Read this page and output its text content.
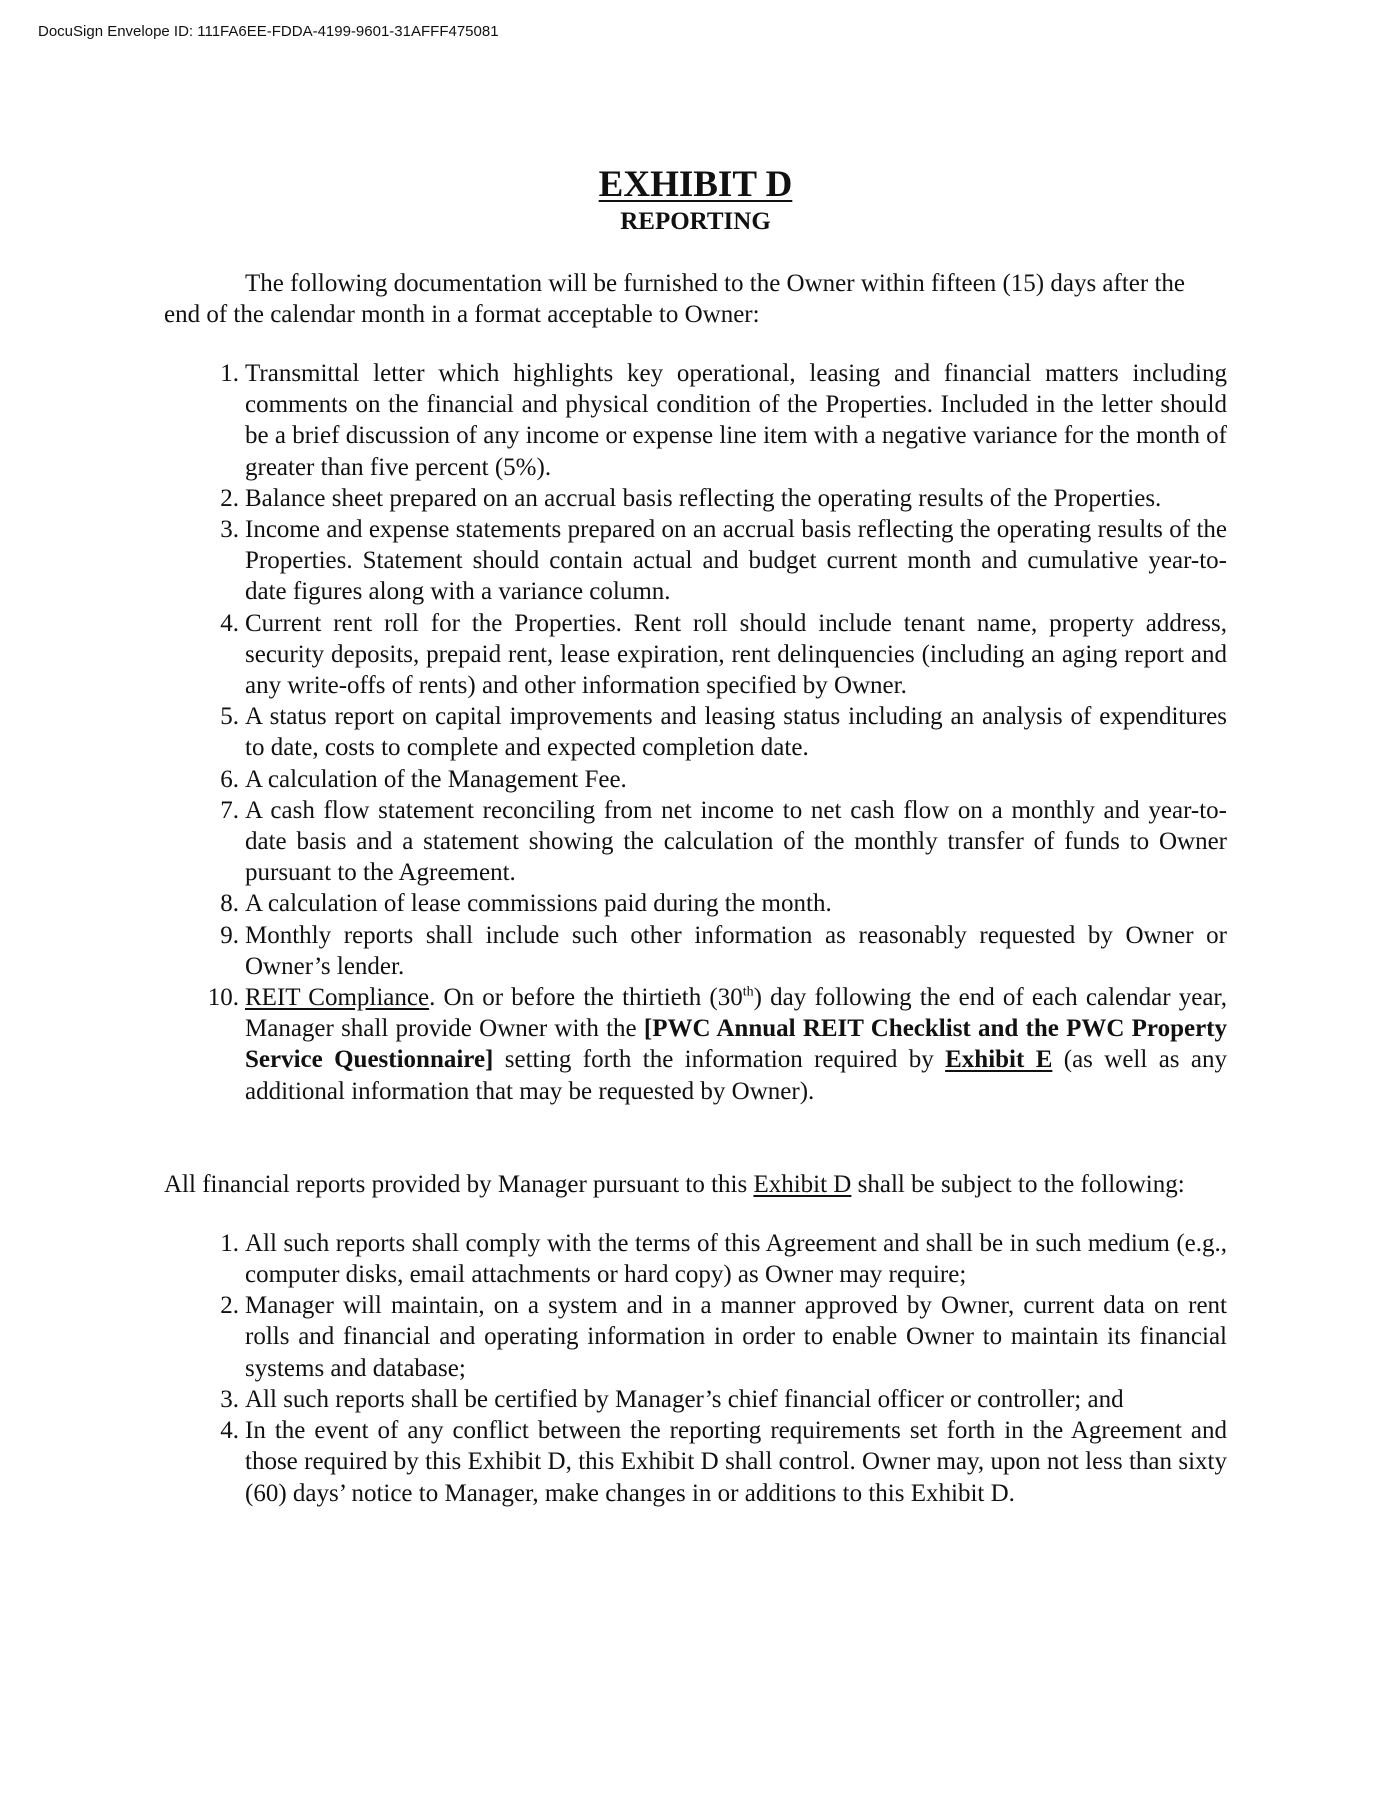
DocuSign Envelope ID: 111FA6EE-FDDA-4199-9601-31AFFF475081
EXHIBIT D
REPORTING

The following documentation will be furnished to the Owner within fifteen (15) days after the end of the calendar month in a format acceptable to Owner:

1. Transmittal letter which highlights key operational, leasing and financial matters including comments on the financial and physical condition of the Properties. Included in the letter should be a brief discussion of any income or expense line item with a negative variance for the month of greater than five percent (5%).
2. Balance sheet prepared on an accrual basis reflecting the operating results of the Properties.
3. Income and expense statements prepared on an accrual basis reflecting the operating results of the Properties. Statement should contain actual and budget current month and cumulative year-to-date figures along with a variance column.
4. Current rent roll for the Properties. Rent roll should include tenant name, property address, security deposits, prepaid rent, lease expiration, rent delinquencies (including an aging report and any write-offs of rents) and other information specified by Owner.
5. A status report on capital improvements and leasing status including an analysis of expenditures to date, costs to complete and expected completion date.
6. A calculation of the Management Fee.
7. A cash flow statement reconciling from net income to net cash flow on a monthly and year-to-date basis and a statement showing the calculation of the monthly transfer of funds to Owner pursuant to the Agreement.
8. A calculation of lease commissions paid during the month.
9. Monthly reports shall include such other information as reasonably requested by Owner or Owner’s lender.
10. REIT Compliance. On or before the thirtieth (30th) day following the end of each calendar year, Manager shall provide Owner with the [PWC Annual REIT Checklist and the PWC Property Service Questionnaire] setting forth the information required by Exhibit E (as well as any additional information that may be requested by Owner).

All financial reports provided by Manager pursuant to this Exhibit D shall be subject to the following:

1. All such reports shall comply with the terms of this Agreement and shall be in such medium (e.g., computer disks, email attachments or hard copy) as Owner may require;
2. Manager will maintain, on a system and in a manner approved by Owner, current data on rent rolls and financial and operating information in order to enable Owner to maintain its financial systems and database;
3. All such reports shall be certified by Manager’s chief financial officer or controller; and
4. In the event of any conflict between the reporting requirements set forth in the Agreement and those required by this Exhibit D, this Exhibit D shall control. Owner may, upon not less than sixty (60) days’ notice to Manager, make changes in or additions to this Exhibit D.
